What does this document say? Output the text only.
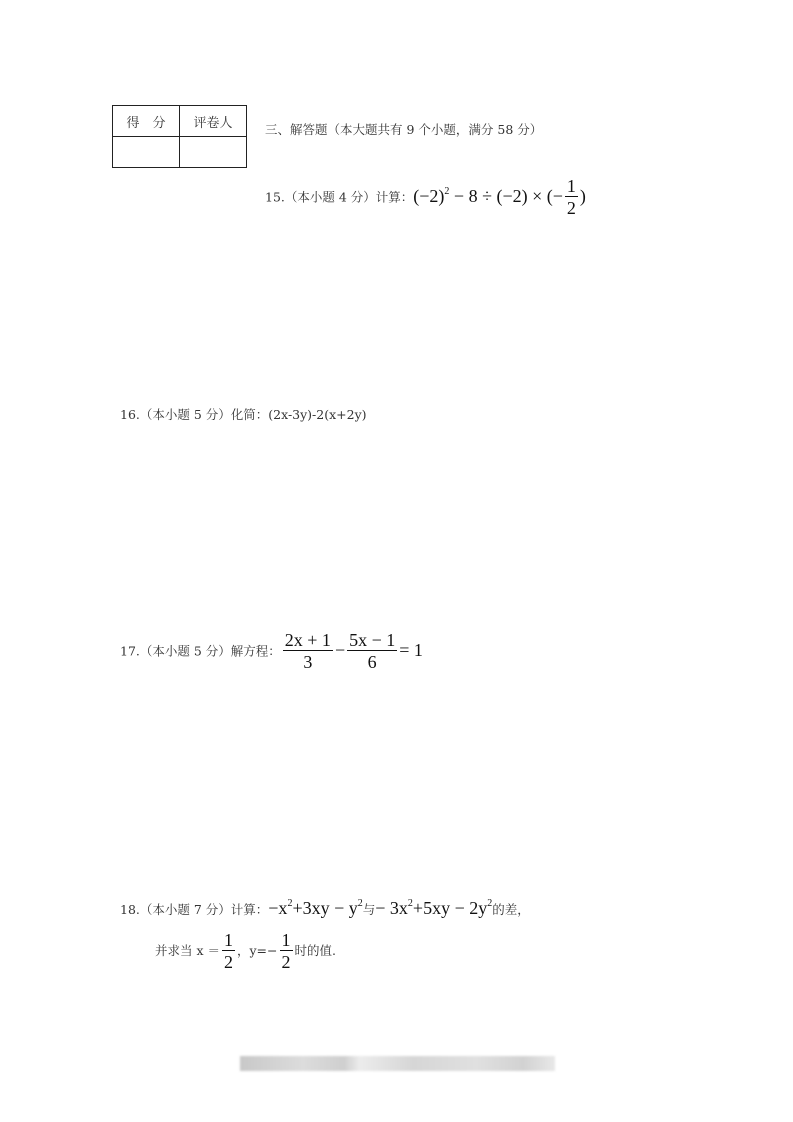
得　分	评卷人
		三、解答题（本大题共有 9 个小题，满分 58 分）
15.（本小题 4 分）计算：$(-2)^2 - 8 \div (-2)$ × (− $\frac{1}{2}$ )
16.（本小题 5 分）化简：(2x-3y)-2(x+2y)
17.（本小题 5 分）解方程： $\frac{2x + 1}{3} - \frac{5x - 1}{6} = 1$
18.（本小题 7 分）计算：$-x^2+3xy - y^2$与− $3x^2+5xy - 2y^2$的差，
并求当 $x = \frac{1}{2}$ ，$y=- \frac{1}{2}$ 时的值.
